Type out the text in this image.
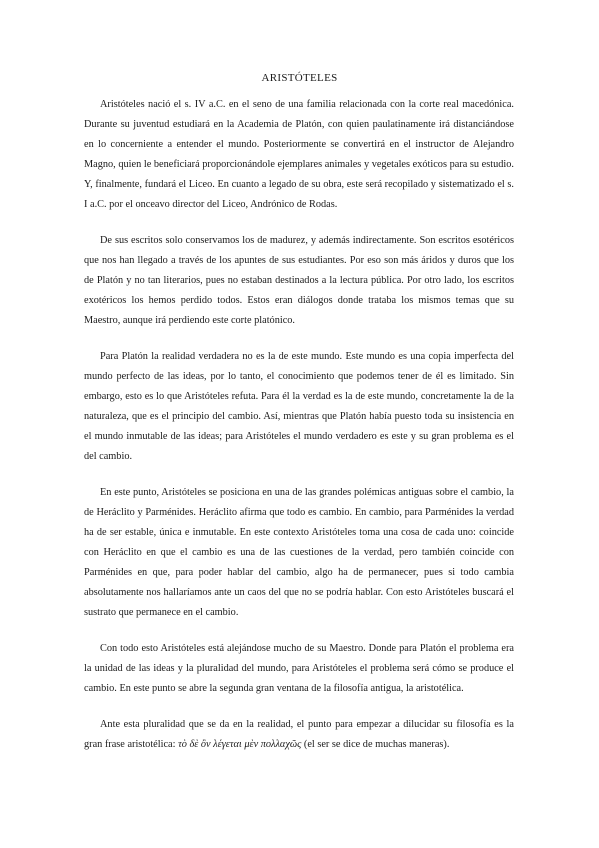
ARISTÓTELES

Aristóteles nació el s. IV a.C. en el seno de una familia relacionada con la corte real macedónica. Durante su juventud estudiará en la Academia de Platón, con quien paulatinamente irá distanciándose en lo concerniente a entender el mundo. Posteriormente se convertirá en el instructor de Alejandro Magno, quien le beneficiará proporcionándole ejemplares animales y vegetales exóticos para su estudio. Y, finalmente, fundará el Liceo. En cuanto a legado de su obra, este será recopilado y sistematizado el s. I a.C. por el onceavo director del Liceo, Andrónico de Rodas.

De sus escritos solo conservamos los de madurez, y además indirectamente. Son escritos esotéricos que nos han llegado a través de los apuntes de sus estudiantes. Por eso son más áridos y duros que los de Platón y no tan literarios, pues no estaban destinados a la lectura pública. Por otro lado, los escritos exotéricos los hemos perdido todos. Estos eran diálogos donde trataba los mismos temas que su Maestro, aunque irá perdiendo este corte platónico.

Para Platón la realidad verdadera no es la de este mundo. Este mundo es una copia imperfecta del mundo perfecto de las ideas, por lo tanto, el conocimiento que podemos tener de él es limitado. Sin embargo, esto es lo que Aristóteles refuta. Para él la verdad es la de este mundo, concretamente la de la naturaleza, que es el principio del cambio. Así, mientras que Platón había puesto toda su insistencia en el mundo inmutable de las ideas; para Aristóteles el mundo verdadero es este y su gran problema es el del cambio.

En este punto, Aristóteles se posiciona en una de las grandes polémicas antiguas sobre el cambio, la de Heráclito y Parménides. Heráclito afirma que todo es cambio. En cambio, para Parménides la verdad ha de ser estable, única e inmutable. En este contexto Aristóteles toma una cosa de cada uno: coincide con Heráclito en que el cambio es una de las cuestiones de la verdad, pero también coincide con Parménides en que, para poder hablar del cambio, algo ha de permanecer, pues si todo cambia absolutamente nos hallaríamos ante un caos del que no se podría hablar. Con esto Aristóteles buscará el sustrato que permanece en el cambio.

Con todo esto Aristóteles está alejándose mucho de su Maestro. Donde para Platón el problema era la unidad de las ideas y la pluralidad del mundo, para Aristóteles el problema será cómo se produce el cambio. En este punto se abre la segunda gran ventana de la filosofía antigua, la aristotélica.

Ante esta pluralidad que se da en la realidad, el punto para empezar a dilucidar su filosofía es la gran frase aristotélica: τὸ δὲ ὂν λέγεται μὲν πολλαχῶς (el ser se dice de muchas maneras).
